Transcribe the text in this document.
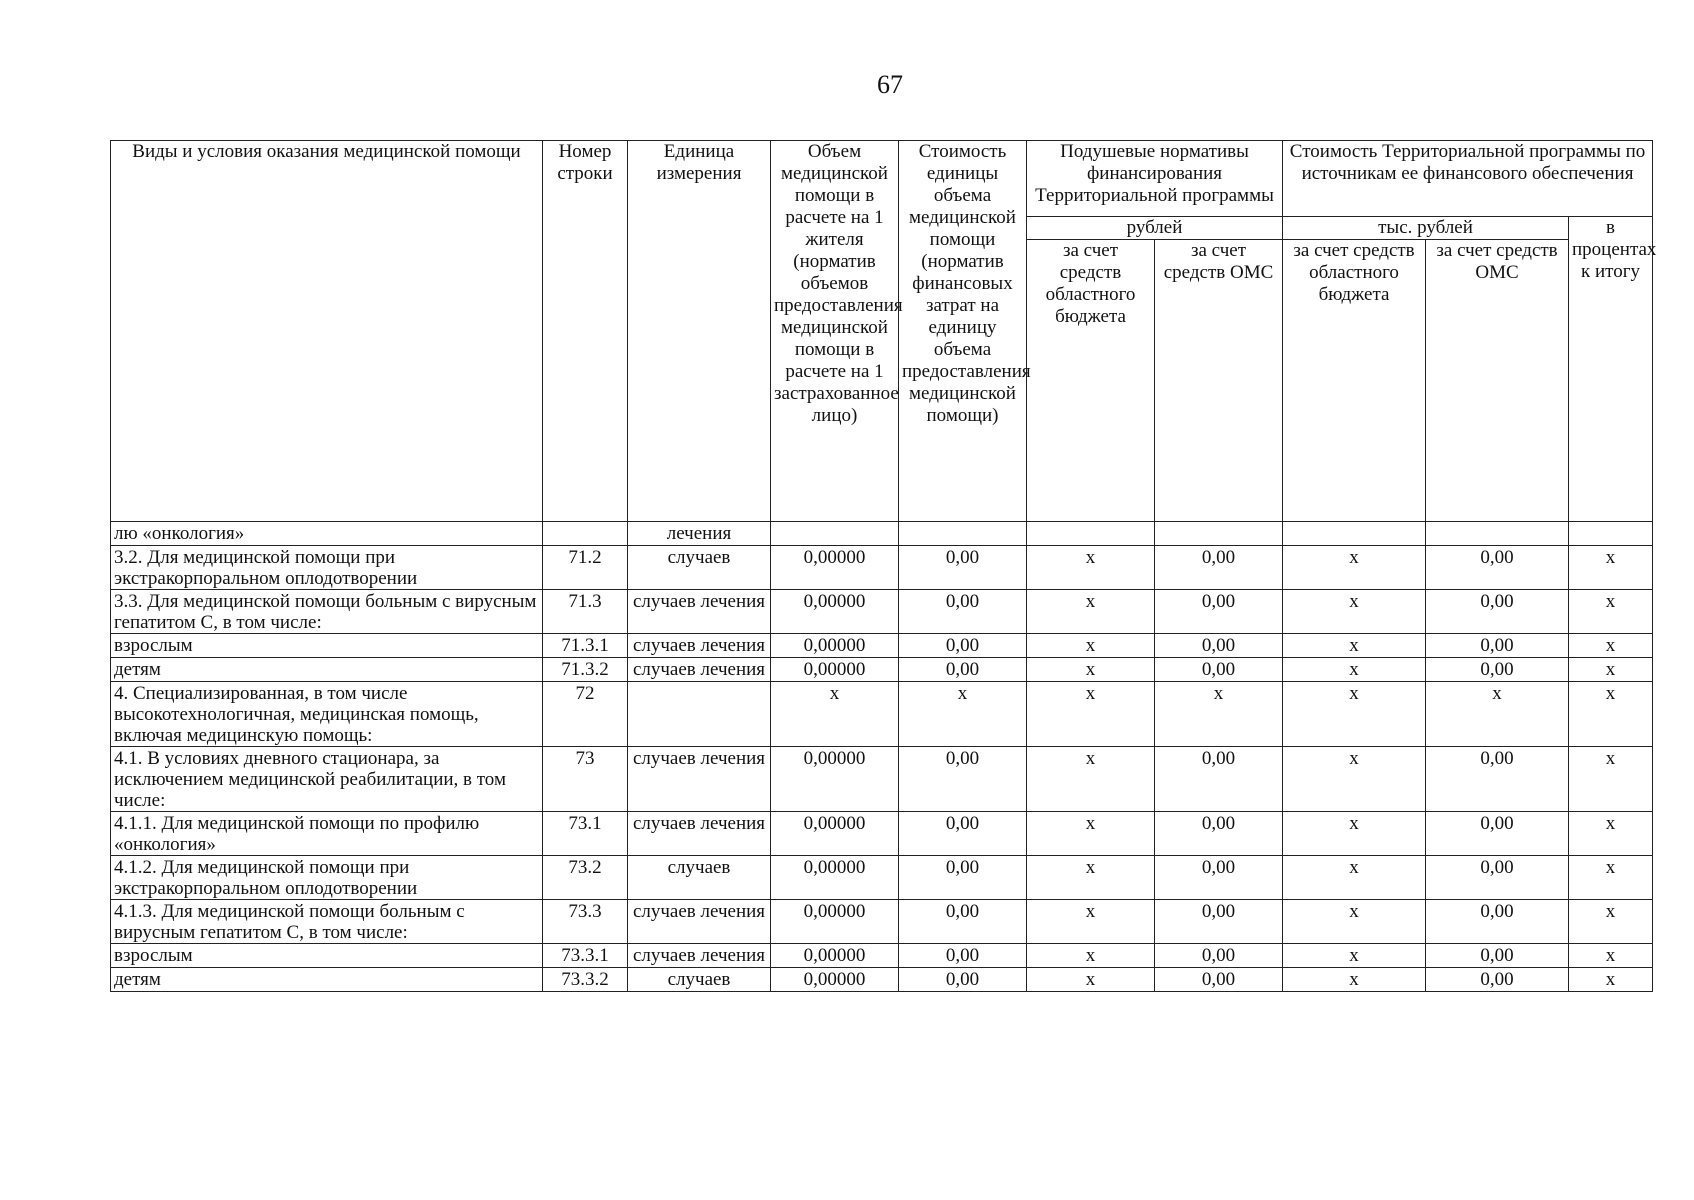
67
Виды и условия оказания медицинской помощи	Номер строки	Единица измерения	Объем медицинской помощи в расчете на 1 жителя (норматив объемов предоставления медицинской помощи в расчете на 1 застрахованное лицо)	Стоимость единицы объема медицинской помощи (норматив финансовых затрат на единицу объема предоставления медицинской помощи)	Подушевые нормативы финансирования Территориальной программы		Стоимость Территориальной программы по источникам ее финансового обеспечения		
					рублей		тыс. рублей		в процентах к итогу
					за счет средств областного бюджета	за счет средств ОМС	за счет средств областного бюджета	за счет средств ОМС	
лю «онкология»		лечения							
3.2. Для медицинской помощи при экстракорпоральном оплодотворении	71.2	случаев	0,00000	0,00	x	0,00	x	0,00	x
3.3. Для медицинской помощи больным с вирусным гепатитом С, в том числе:	71.3	случаев лечения	0,00000	0,00	x	0,00	x	0,00	x
взрослым	71.3.1	случаев лечения	0,00000	0,00	x	0,00	x	0,00	x
детям	71.3.2	случаев лечения	0,00000	0,00	x	0,00	x	0,00	x
4. Специализированная, в том числе высокотехнологичная, медицинская помощь, включая медицинскую помощь:	72		x	x	x	x	x	x	x
4.1. В условиях дневного стационара, за исключением медицинской реабилитации, в том числе:	73	случаев лечения	0,00000	0,00	x	0,00	x	0,00	x
4.1.1. Для медицинской помощи по профилю «онкология»	73.1	случаев лечения	0,00000	0,00	x	0,00	x	0,00	x
4.1.2. Для медицинской помощи при экстракорпоральном оплодотворении	73.2	случаев	0,00000	0,00	x	0,00	x	0,00	x
4.1.3. Для медицинской помощи больным с вирусным гепатитом С, в том числе:	73.3	случаев лечения	0,00000	0,00	x	0,00	x	0,00	x
взрослым	73.3.1	случаев лечения	0,00000	0,00	x	0,00	x	0,00	x
детям	73.3.2	случаев	0,00000	0,00	x	0,00	x	0,00	x
